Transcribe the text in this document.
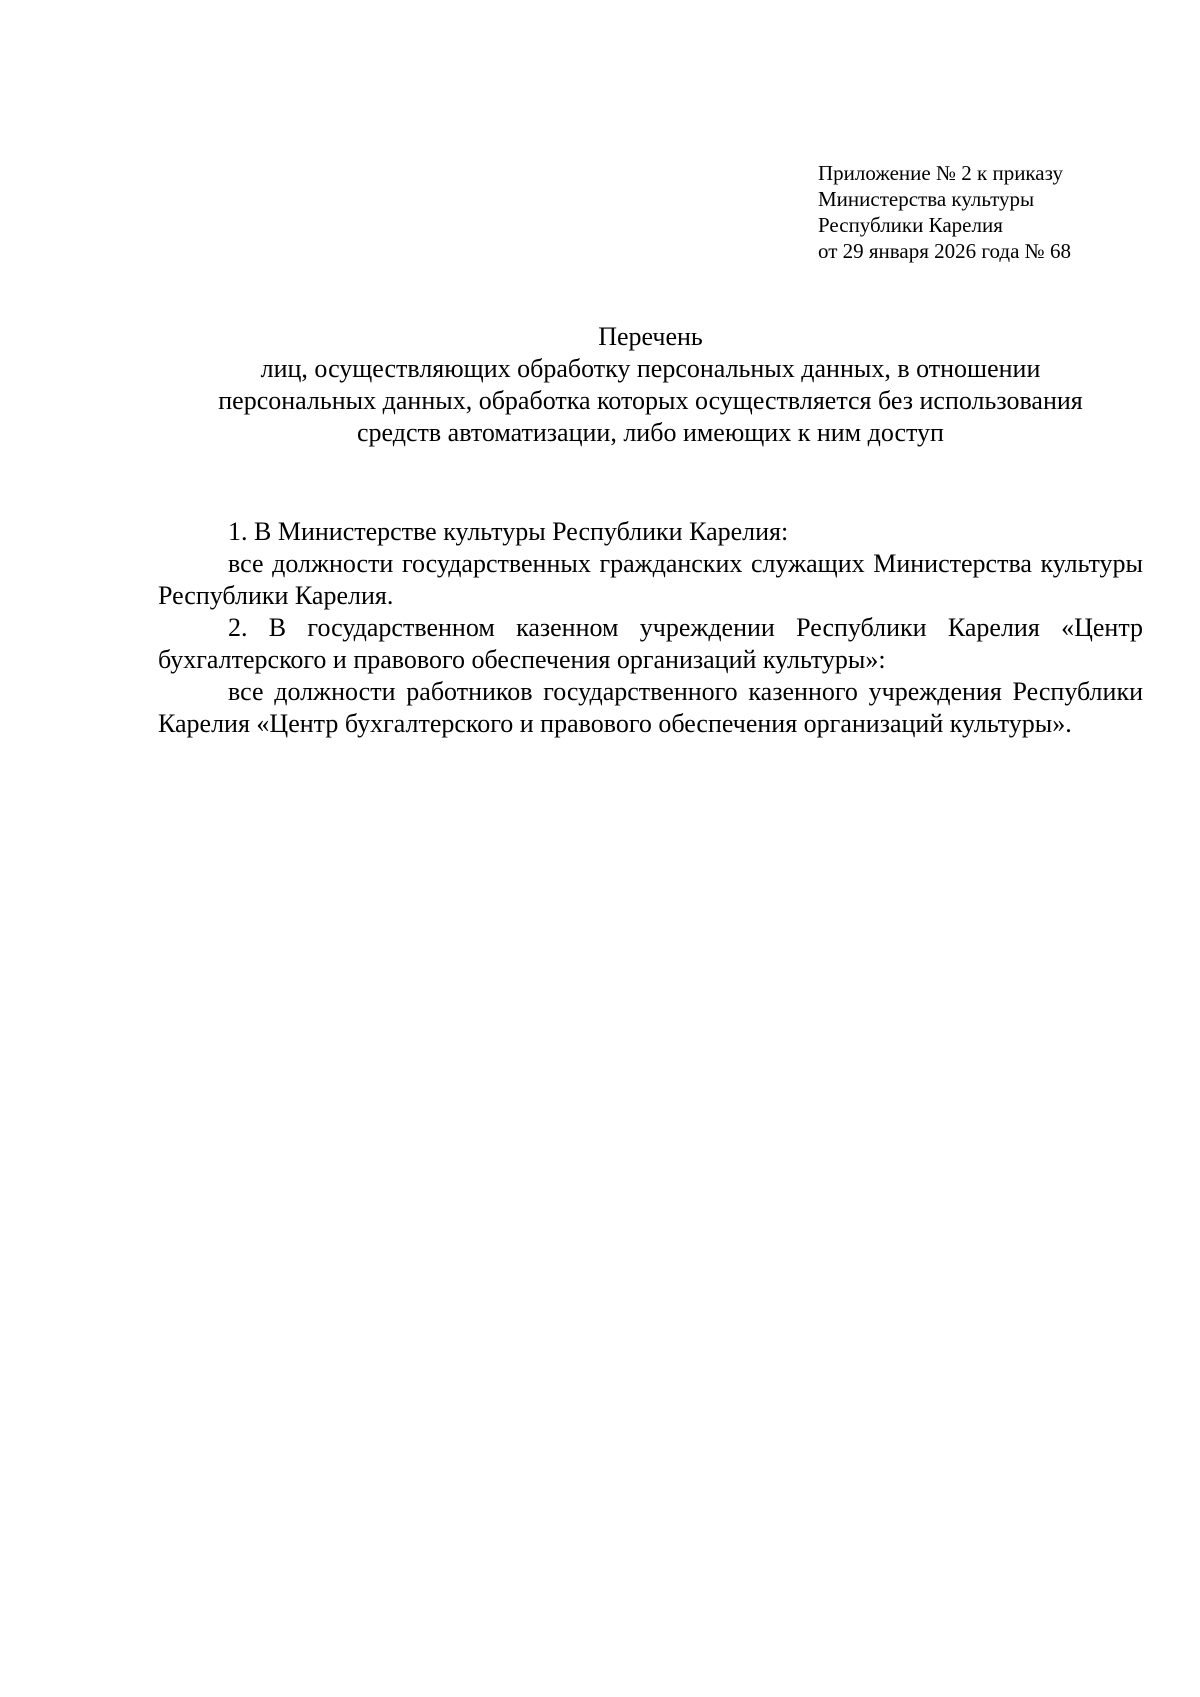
Приложение № 2 к приказу
Министерства культуры
Республики Карелия
от 29 января 2026 года № 68
Перечень
лиц, осуществляющих обработку персональных данных, в отношении
персональных данных, обработка которых осуществляется без использования
средств автоматизации, либо имеющих к ним доступ

1. В Министерстве культуры Республики Карелия:

все должности государственных гражданских служащих Министерства культуры Республики Карелия.

2. В государственном казенном учреждении Республики Карелия «Центр бухгалтерского и правового обеспечения организаций культуры»:

все должности работников государственного казенного учреждения Республики Карелия «Центр бухгалтерского и правового обеспечения организаций культуры».
